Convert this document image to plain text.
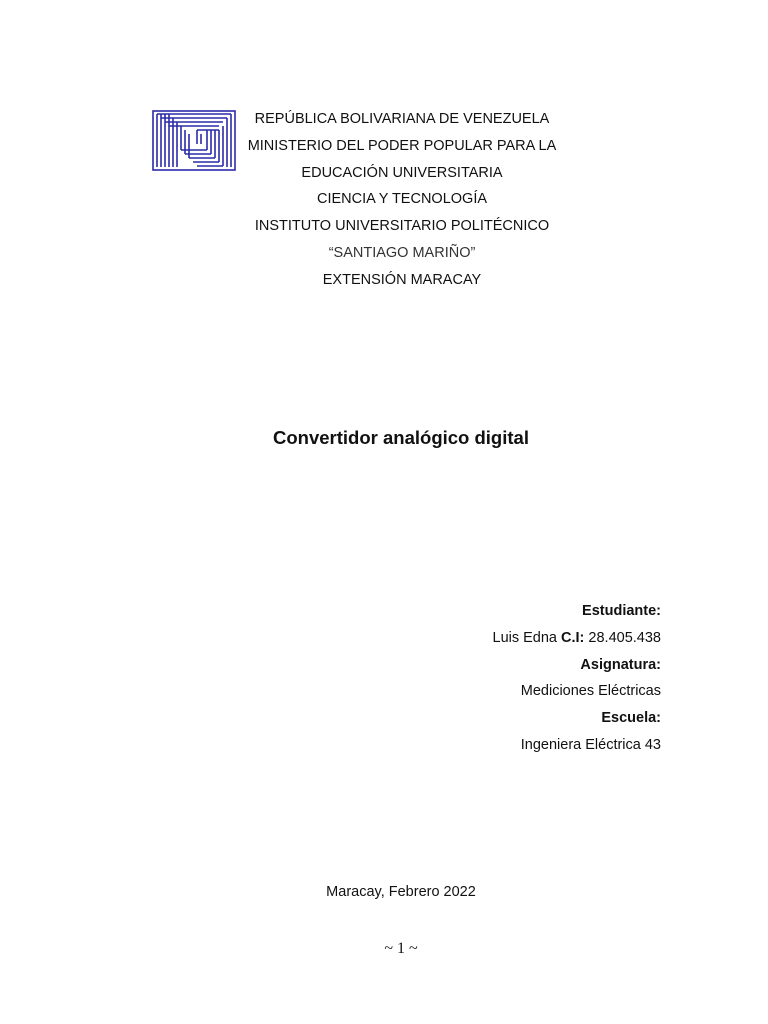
REPÚBLICA BOLIVARIANA DE VENEZUELA
MINISTERIO DEL PODER POPULAR PARA LA
EDUCACIÓN UNIVERSITARIA
CIENCIA Y TECNOLOGÍA
INSTITUTO UNIVERSITARIO POLITÉCNICO
“SANTIAGO MARIÑO”
EXTENSIÓN MARACAY
Convertidor analógico digital
Estudiante:
Luis Edna C.I: 28.405.438
Asignatura:
Mediciones Eléctricas
Escuela:
Ingeniera Eléctrica 43
Maracay, Febrero 2022
~ 1 ~
